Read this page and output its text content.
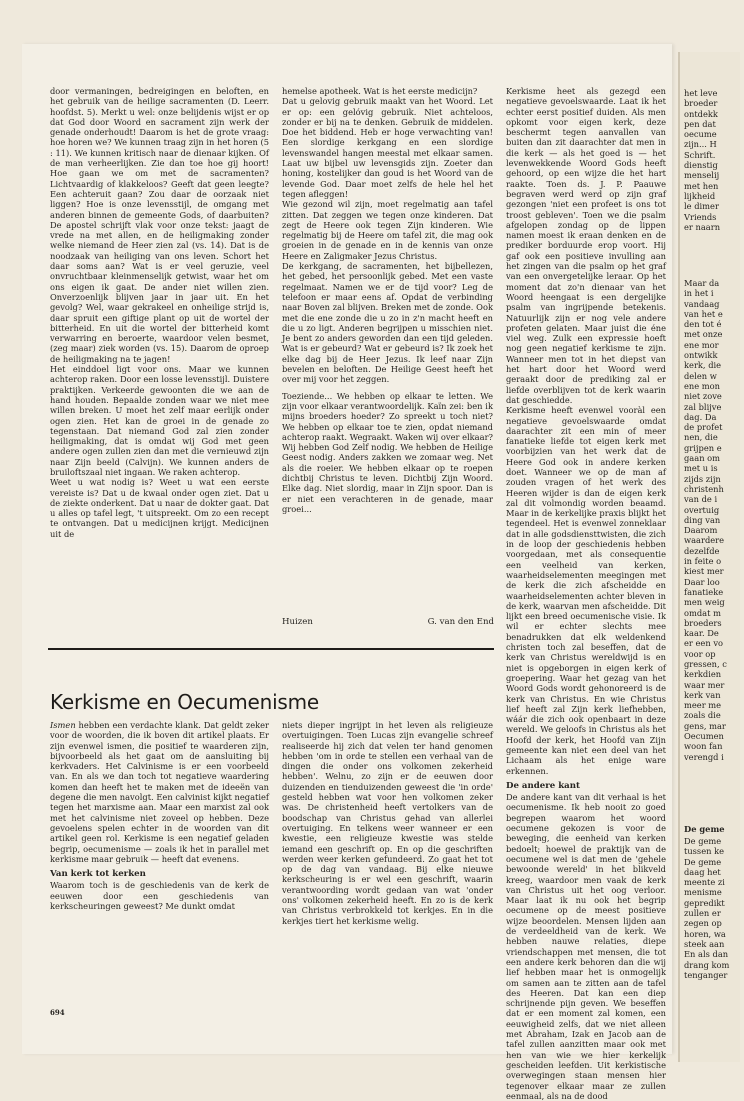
door vermaningen, bedreigingen en beloften, en het gebruik van de heilige sacramenten (D. Leerr. hoofdst. 5). Merkt u wel: onze belijdenis wijst er op dat God door Woord en sacrament zijn werk der genade onderhoudt! Daarom is het de grote vraag: hoe horen we? We kunnen traag zijn in het horen (5 : 11). We kunnen kritisch naar de dienaar kijken. Of de man verheerlijken. Zie dan toe hoe gij hoort! Hoe gaan we om met de sacramenten? Lichtvaardig of klakkeloos? Geeft dat geen leegte? Een achteruit gaan? Zou daar de oorzaak niet liggen? Hoe is onze levensstijl, de omgang met anderen binnen de gemeente Gods, of daarbuiten? De apostel schrijft vlak voor onze tekst: jaagt de vrede na met allen, en de heiligmaking zonder welke niemand de Heer zien zal (vs. 14). Dat is de noodzaak van heiliging van ons leven. Schort het daar soms aan? Wat is er veel geruzie, veel onvruchtbaar kleinmenselijk getwist, waar het om ons eigen ik gaat. De ander niet willen zien. Onverzoenlijk blijven jaar in jaar uit. En het gevolg? Wel, waar gekrakeel en onheilige strijd is, daar spruit een giftige plant op uit de wortel der bitterheid. En uit die wortel der bitterheid komt verwarring en beroerte, waardoor velen besmet, (zeg maar) ziek worden (vs. 15). Daarom de oproep de heiligmaking na te jagen!

Het einddoel ligt voor ons. Maar we kunnen achterop raken. Door een losse levensstijl. Duistere praktijken. Verkeerde gewoonten die we aan de hand houden. Bepaalde zonden waar we niet mee willen breken. U moet het zelf maar eerlijk onder ogen zien. Het kan de groei in de genade zo tegenstaan. Dat niemand God zal zien zonder heiligmaking, dat is omdat wij God met geen andere ogen zullen zien dan met die vernieuwd zijn naar Zijn beeld (Calvijn). We kunnen anders de bruiloftszaal niet ingaan. We raken achterop.

Weet u wat nodig is? Weet u wat een eerste vereiste is? Dat u de kwaal onder ogen ziet. Dat u de ziekte onderkent. Dat u naar de dokter gaat. Dat u alles op tafel legt, 't uitspreekt. Om zo een recept te ontvangen. Dat u medicijnen krijgt. Medicijnen uit de

hemelse apotheek. Wat is het eerste medicijn?

Dat u gelovig gebruik maakt van het Woord. Let er op: een gelóvig gebruik. Niet achteloos, zonder er bij na te denken. Gebruik de middelen. Doe het biddend. Heb er hoge verwachting van! Een slordige kerkgang en een slordige levenswandel hangen meestal met elkaar samen. Laat uw bijbel uw levensgids zijn. Zoeter dan honing, kostelijker dan goud is het Woord van de levende God. Daar moet zelfs de hele hel het tegen afleggen!

Wie gezond wil zijn, moet regelmatig aan tafel zitten. Dat zeggen we tegen onze kinderen. Dat zegt de Heere ook tegen Zijn kinderen. Wie regelmatig bij de Heere om tafel zit, die mag ook groeien in de genade en in de kennis van onze Heere en Zaligmaker Jezus Christus.

De kerkgang, de sacramenten, het bijbellezen, het gebed, het persoonlijk gebed. Met een vaste regelmaat. Namen we er de tijd voor? Leg de telefoon er maar eens af. Opdat de verbinding naar Boven zal blijven. Breken met de zonde. Ook met die ene zonde die u zo in z'n macht heeft en die u zo ligt. Anderen begrijpen u misschien niet. Je bent zo anders geworden dan een tijd geleden. Wat is er gebeurd? Wat er gebeurd is? Ik zoek het elke dag bij de Heer Jezus. Ik leef naar Zijn bevelen en beloften. De Heilige Geest heeft het over mij voor het zeggen.

Toeziende... We hebben op elkaar te letten. We zijn voor elkaar verantwoordelijk. Kaïn zei: ben ik mijns broeders hoeder? Zo spreekt u toch niet? We hebben op elkaar toe te zien, opdat niemand achterop raakt. Wegraakt. Waken wij over elkaar? Wij hebben God Zelf nodig. We hebben de Heilige Geest nodig. Anders zakken we zomaar weg. Net als die roeier. We hebben elkaar op te roepen dichtbij Christus te leven. Dichtbij Zijn Woord. Elke dag. Niet slordig, maar in Zijn spoor. Dan is er niet een verachteren in de genade, maar groei...

Huizen	G. van den End

Kerkisme heet als gezegd een negatieve gevoelswaarde. Laat ik het echter eerst positief duiden. Als men opkomt voor eigen kerk, deze beschermt tegen aanvallen van buiten dan zit daarachter dat men in die kerk — als het goed is — het levenwekkende Woord Gods heeft gehoord, op een wijze die het hart raakte. Toen ds. J. P. Paauwe begraven werd werd op zijn graf gezongen 'niet een profeet is ons tot troost gebleven'. Toen we die psalm afgelopen zondag op de lippen namen moest ik eraan denken en de prediker borduurde erop voort. Hij gaf ook een positieve invulling aan het zingen van die psalm op het graf van een onvergetelijke leraar. Op het moment dat zo'n dienaar van het Woord heengaat is een dergelijke psalm van ingrijpende betekenis. Natuurlijk zijn er nog vele andere profeten gelaten. Maar juist die éne viel weg. Zulk een expressie hoeft nog geen negatief kerkisme te zijn. Wanneer men tot in het diepst van het hart door het Woord werd geraakt door de prediking zal er liefde overblijven tot de kerk waarin dat geschiedde.

Kerkisme heeft evenwel vooràl een negatieve gevoelswaarde omdat daarachter zit een min of meer fanatieke liefde tot eigen kerk met voorbijzien van het werk dat de Heere God ook in andere kerken doet. Wanneer we op de man af zouden vragen of het werk des Heeren wijder is dan de eigen kerk zal dit volmondig worden beaamd. Maar in de kerkelijke praxis blijkt het tegendeel. Het is evenwel zonneklaar dat in alle godsdiensttwisten, die zich in de loop der geschiedenis hebben voorgedaan, met als consequentie een veelheid van kerken, waarheidselementen meegingen met de kerk die zich afscheidde en waarheidselementen achter bleven in de kerk, waarvan men afscheidde. Dit lijkt een breed oecumenische visie. Ik wil er echter slechts mee benadrukken dat elk weldenkend christen toch zal beseffen, dat de kerk van Christus wereldwijd is en niet is opgeborgen in eigen kerk of groepering. Waar het gezag van het Woord Gods wordt gehonoreerd is de kerk van Christus. En wie Christus lief heeft zal Zijn kerk liefhebben, wáár die zich ook openbaart in deze wereld. We geloofs in Christus als het Hoofd der kerk, het Hoofd van Zijn gemeente kan niet een deel van het Lichaam als het enige ware erkennen.

De andere kant

De andere kant van dit verhaal is het oecumenisme. Ik heb nooit zo goed begrepen waarom het woord oecumene gekozen is voor de beweging, die eenheid van kerken bedoelt; hoewel de praktijk van de oecumene wel is dat men de 'gehele bewoonde wereld' in het blikveld kreeg, waardoor men vaak de kerk van Christus uit het oog verloor. Maar laat ik nu ook het begrip oecumene op de meest positieve wijze beoordelen. Mensen lijden aan de verdeeldheid van de kerk. We hebben nauwe relaties, diepe vriendschappen met mensen, die tot een andere kerk behoren dan die wij lief hebben maar het is onmogelijk om samen aan te zitten aan de tafel des Heeren. Dat kan een diep schrijnende pijn geven. We beseffen dat er een moment zal komen, een eeuwigheid zelfs, dat we niet alleen met Abraham, Izak en Jacob aan de tafel zullen aanzitten maar ook met hen van wie we hier kerkelijk gescheiden leefden. Uit kerkistische overwegingen staan mensen hier tegenover elkaar maar ze zullen eenmaal, als na de dood

Kerkisme en Oecumenisme

Ismen hebben een verdachte klank. Dat geldt zeker voor de woorden, die ik boven dit artikel plaats. Er zijn evenwel ismen, die positief te waarderen zijn, bijvoorbeeld als het gaat om de aansluiting bij kerkvaders. Het Calvinisme is er een voorbeeld van. En als we dan toch tot negatieve waardering komen dan heeft het te maken met de ideeën van degene die men navolgt. Een calvinist kijkt negatief tegen het marxisme aan. Maar een marxist zal ook met het calvinisme niet zoveel op hebben. Deze gevoelens spelen echter in de woorden van dit artikel geen rol. Kerkisme is een negatief geladen begrip, oecumenisme — zoals ik het in parallel met kerkisme maar gebruik — heeft dat evenens.

Van kerk tot kerken

Waarom toch is de geschiedenis van de kerk de eeuwen door een geschiedenis van kerkscheuringen geweest? Me dunkt omdat

niets dieper ingrijpt in het leven als religieuze overtuigingen. Toen Lucas zijn evangelie schreef realiseerde hij zich dat velen ter hand genomen hebben 'om in orde te stellen een verhaal van de dingen die onder ons volkomen zekerheid hebben'. Welnu, zo zijn er de eeuwen door duizenden en tienduizenden geweest die 'in orde' gesteld hebben wat voor hen volkomen zeker was. De christenheid heeft vertolkers van de boodschap van Christus gehad van allerlei overtuiging. En telkens weer wanneer er een kwestie, een religieuze kwestie was stelde iemand een geschrift op. En op die geschriften werden weer kerken gefundeerd. Zo gaat het tot op de dag van vandaag. Bij elke nieuwe kerkscheuring is er wel een geschrift, waarin verantwoording wordt gedaan van wat 'onder ons' volkomen zekerheid heeft. En zo is de kerk van Christus verbrokkeld tot kerkjes. En in die kerkjes tiert het kerkisme welig.

694
het leve
broeder
ontdekk
pen dat
oecume
zijn... H
Schrift.
dienstig
menselij
met hen
lijkheid
le dimer
Vriends
er naarn
Maar da
in het i
vandaag
van het e
den tot é
met onze
ene mor
ontwikk
kerk, die
delen w
ene mon
niet zove
zal blijve
dag. Da
de profet
nen, die
grijpen e
gaan om
met u is
zijds zijn
christenh
van de i
overtuig
ding van
Daarom
waardere
dezelfde
in feite o
kiest mer
Daar loo
fanatieke
men weig
omdat m
broeders
kaar. De
er een vo
voor op
gressen, c
kerkdien
waar mer
kerk van
meer me
zoals die
gens, mar
Oecumen
woon fan
verengd i
De geme
De geme
tussen ke
De geme
daag het
meente zi
menisme
gepredikt
zullen er
zegen op
horen, wa
steek aan
En als dan
drang kom
tenganger
